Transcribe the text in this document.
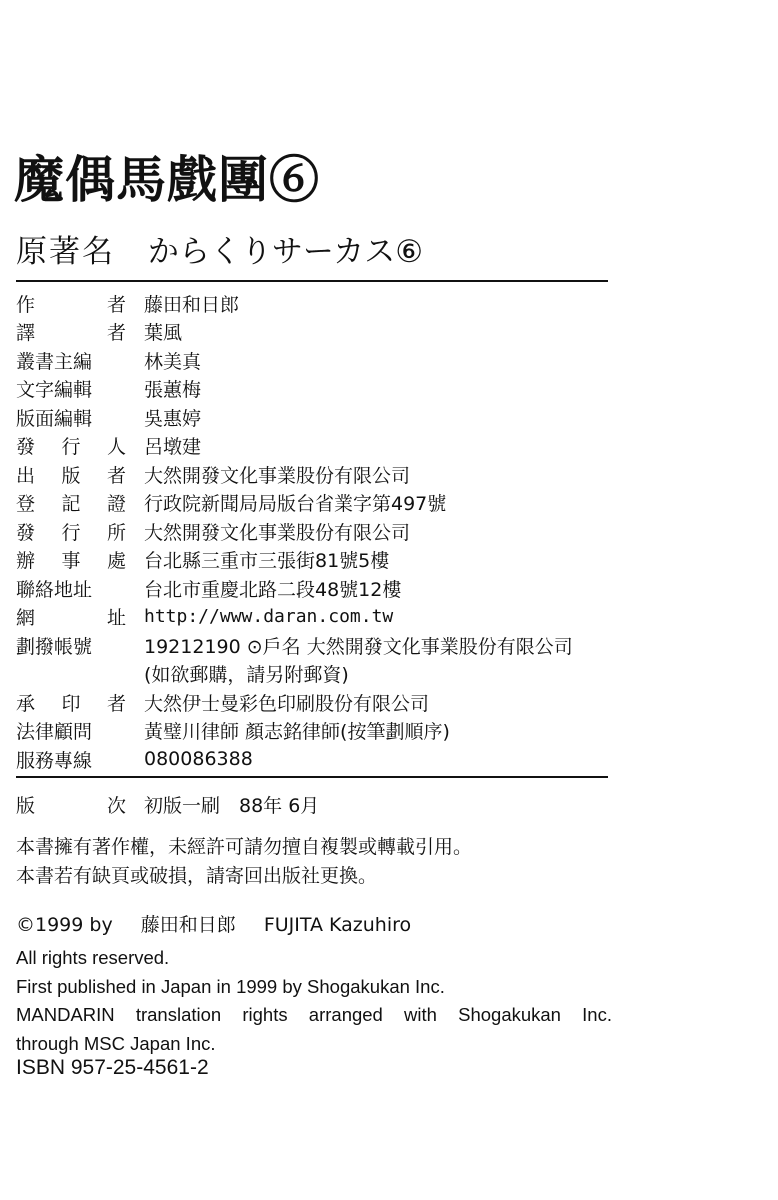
魔偶馬戲團⑥
原著名 からくりサーカス⑥
作	者 藤田和日郎
譯	者 葉風
叢書主編	林美真
文字編輯	張蕙梅
版面編輯	吳惠婷
發 行 人 呂墩建
出 版 者 大然開發文化事業股份有限公司
登 記 證 行政院新聞局局版台省業字第497號
發 行 所 大然開發文化事業股份有限公司
辦 事 處 台北縣三重市三張街81號5樓
聯絡地址	台北市重慶北路二段48號12樓
網	址 http://www.daran.com.tw
劃撥帳號	19212190 ⊙戶名 大然開發文化事業股份有限公司
(如欲郵購，請另附郵資)
承 印 者 大然伊士曼彩色印刷股份有限公司
法律顧問	黃璧川律師 顏志銘律師(按筆劃順序)
服務專線	080086388
版	次 初版一刷　88年 6月
本書擁有著作權，未經許可請勿擅自複製或轉載引用。
本書若有缺頁或破損，請寄回出版社更換。
©1999 by 藤田和日郎 FUJITA Kazuhiro
All rights reserved.
First published in Japan in 1999 by Shogakukan Inc.
MANDARIN translation rights arranged with Shogakukan Inc.
through MSC Japan Inc.
ISBN 957-25-4561-2
